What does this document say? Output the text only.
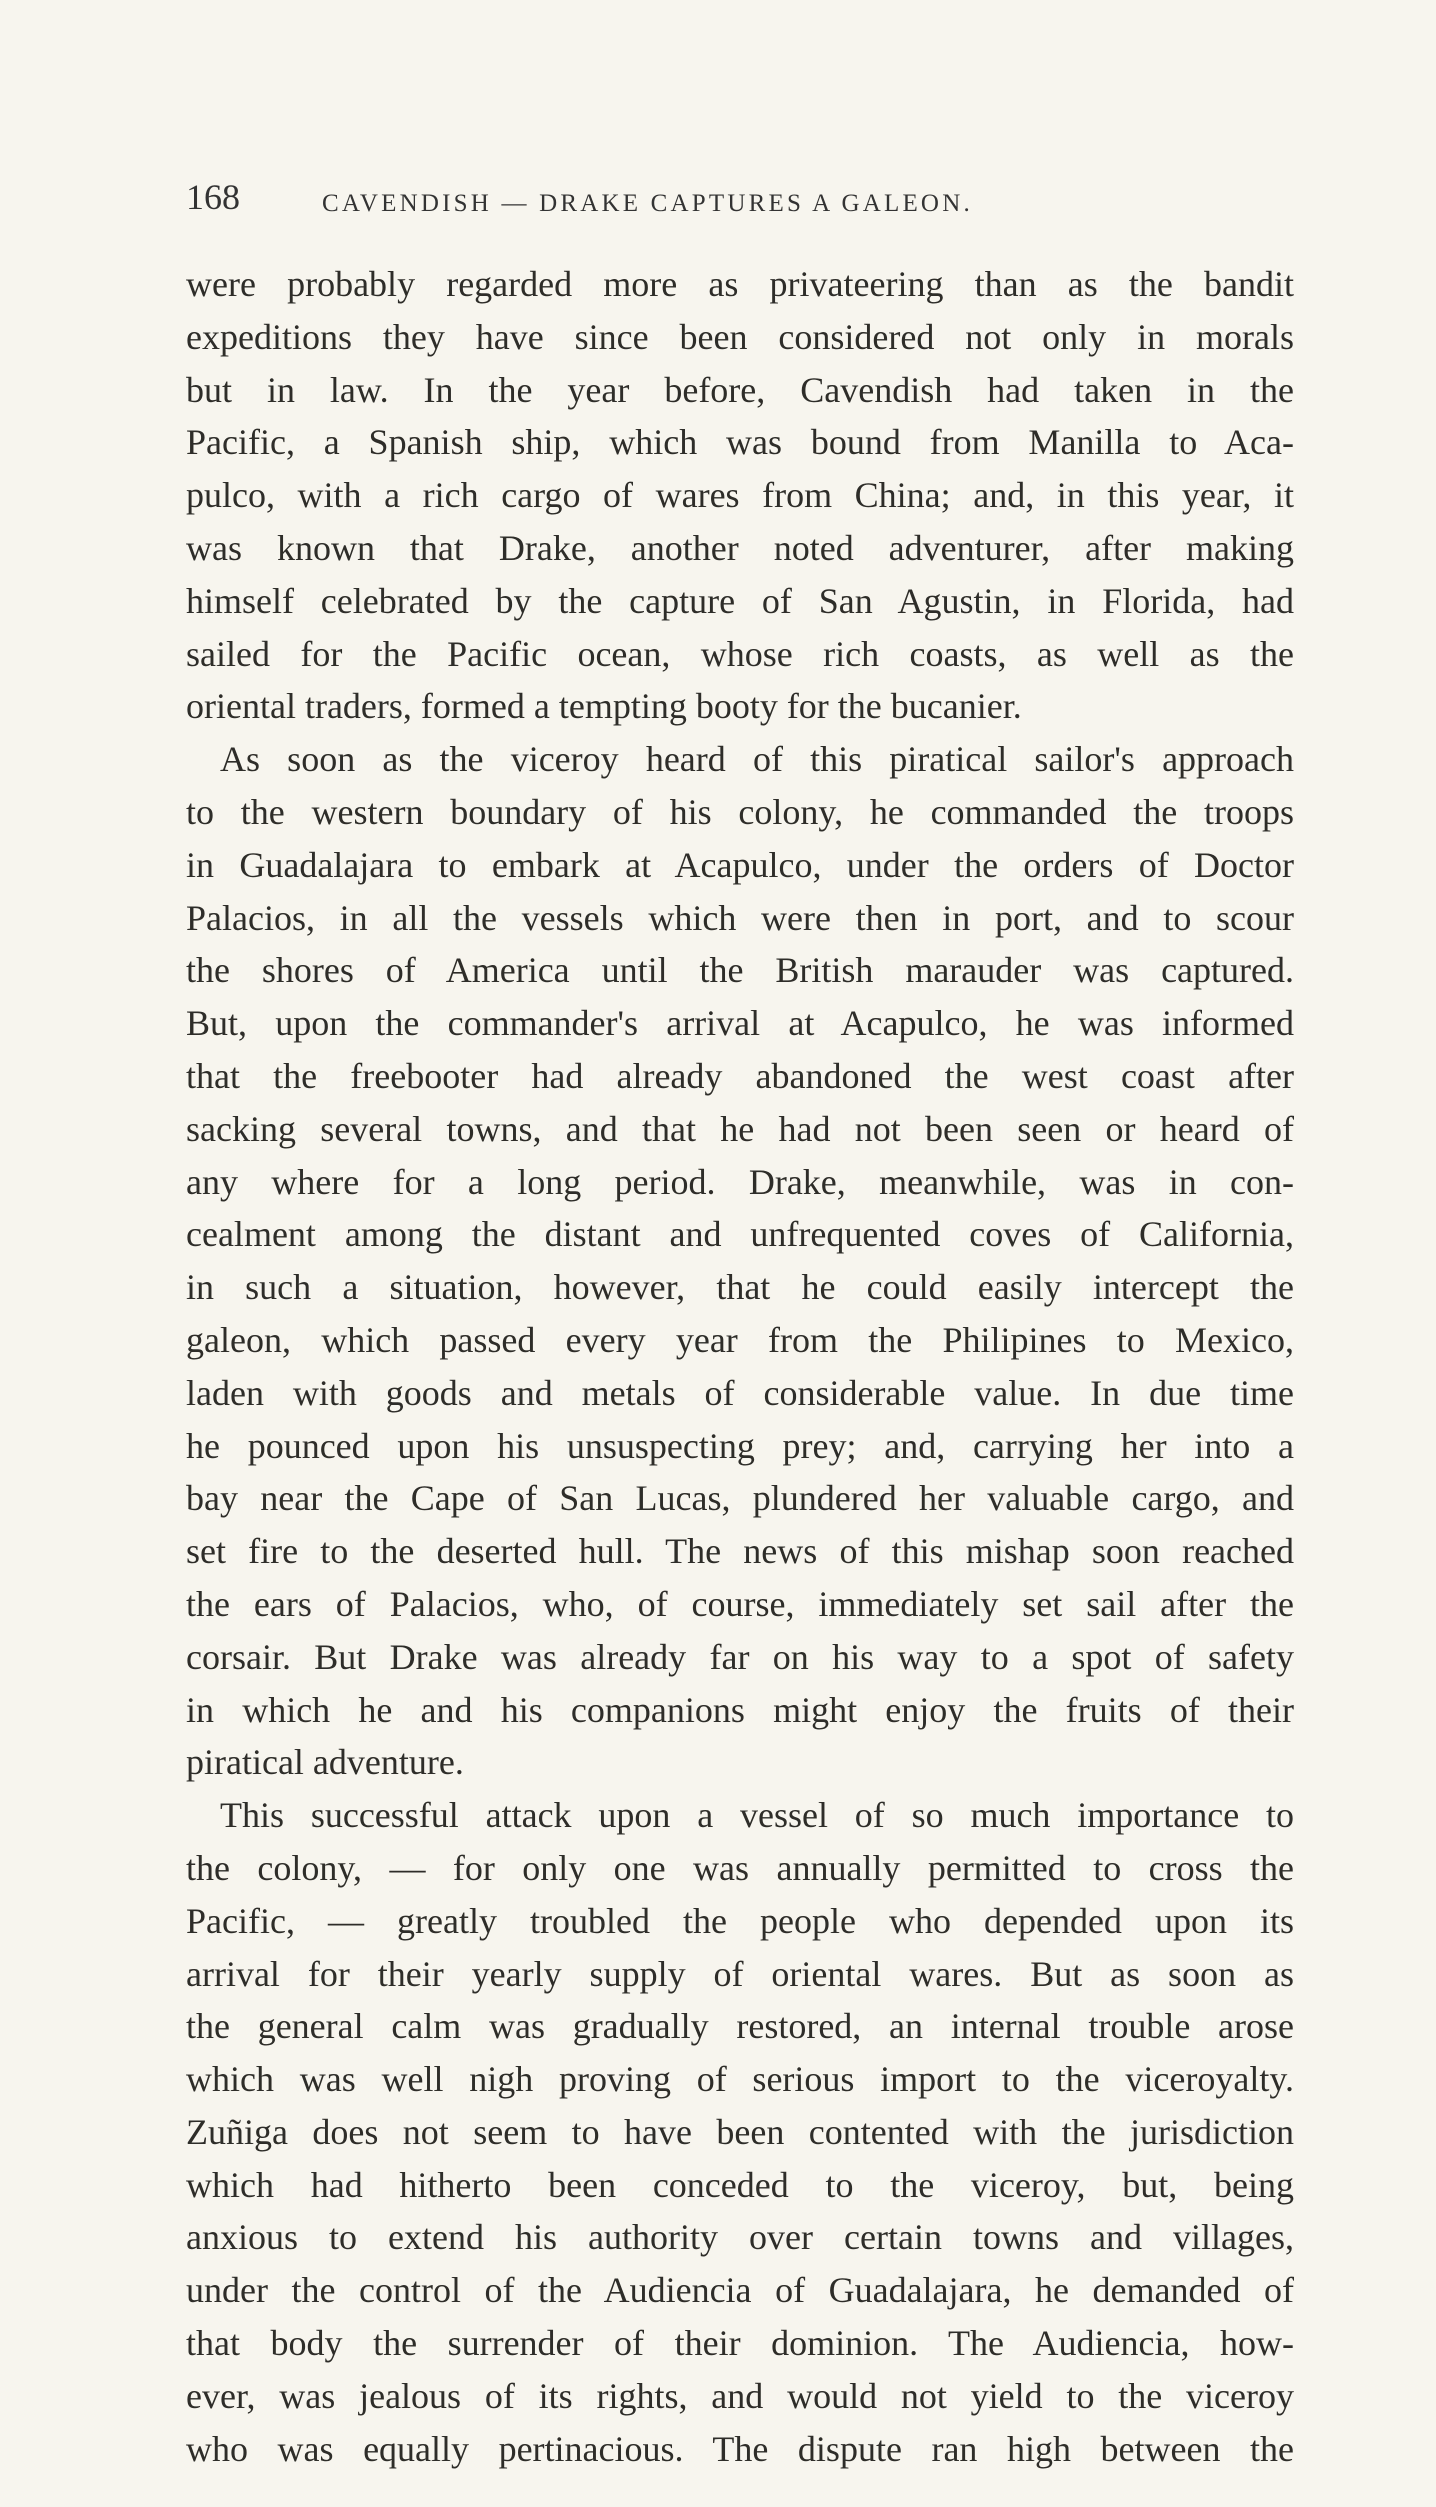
168	CAVENDISH — DRAKE CAPTURES A GALEON.
were probably regarded more as privateering than as the bandit
expeditions they have since been considered not only in morals
but in law. In the year before, Cavendish had taken in the
Pacific, a Spanish ship, which was bound from Manilla to Aca-
pulco, with a rich cargo of wares from China; and, in this year, it
was known that Drake, another noted adventurer, after making
himself celebrated by the capture of San Agustin, in Florida, had
sailed for the Pacific ocean, whose rich coasts, as well as the
oriental traders, formed a tempting booty for the bucanier.
As soon as the viceroy heard of this piratical sailor's approach
to the western boundary of his colony, he commanded the troops
in Guadalajara to embark at Acapulco, under the orders of Doctor
Palacios, in all the vessels which were then in port, and to scour
the shores of America until the British marauder was captured.
But, upon the commander's arrival at Acapulco, he was informed
that the freebooter had already abandoned the west coast after
sacking several towns, and that he had not been seen or heard of
any where for a long period. Drake, meanwhile, was in con-
cealment among the distant and unfrequented coves of California,
in such a situation, however, that he could easily intercept the
galeon, which passed every year from the Philipines to Mexico,
laden with goods and metals of considerable value. In due time
he pounced upon his unsuspecting prey; and, carrying her into a
bay near the Cape of San Lucas, plundered her valuable cargo, and
set fire to the deserted hull. The news of this mishap soon reached
the ears of Palacios, who, of course, immediately set sail after the
corsair. But Drake was already far on his way to a spot of safety
in which he and his companions might enjoy the fruits of their
piratical adventure.
This successful attack upon a vessel of so much importance to
the colony, — for only one was annually permitted to cross the
Pacific, — greatly troubled the people who depended upon its
arrival for their yearly supply of oriental wares. But as soon as
the general calm was gradually restored, an internal trouble arose
which was well nigh proving of serious import to the viceroyalty.
Zuñiga does not seem to have been contented with the jurisdiction
which had hitherto been conceded to the viceroy, but, being
anxious to extend his authority over certain towns and villages,
under the control of the Audiencia of Guadalajara, he demanded of
that body the surrender of their dominion. The Audiencia, how-
ever, was jealous of its rights, and would not yield to the viceroy
who was equally pertinacious. The dispute ran high between the
